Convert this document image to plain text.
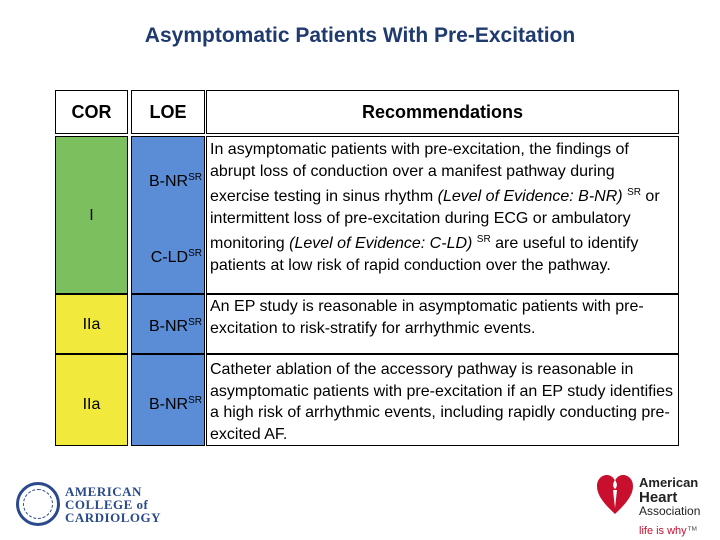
Asymptomatic Patients With Pre-Excitation
COR	LOE	Recommendations
I
IIa
IIa
$B-NR^{SR}$
$C-LD^{SR}$
$B-NR^{SR}$
$B-NR^{SR}$
In asymptomatic patients with pre-excitation, the findings of abrupt loss of conduction over a manifest pathway during exercise testing in sinus rhythm (Level of Evidence: B-NR) $^{SR}$ or intermittent loss of pre-excitation during ECG or ambulatory monitoring (Level of Evidence: C-LD) $^{SR}$ are useful to identify patients at low risk of rapid conduction over the pathway.
An EP study is reasonable in asymptomatic patients with pre-excitation to risk-stratify for arrhythmic events.
Catheter ablation of the accessory pathway is reasonable in asymptomatic patients with pre-excitation if an EP study identifies a high risk of arrhythmic events, including rapidly conducting pre-excited AF.
AMERICAN
COLLEGE of
CARDIOLOGY
American
Heart
Association
life is why™
